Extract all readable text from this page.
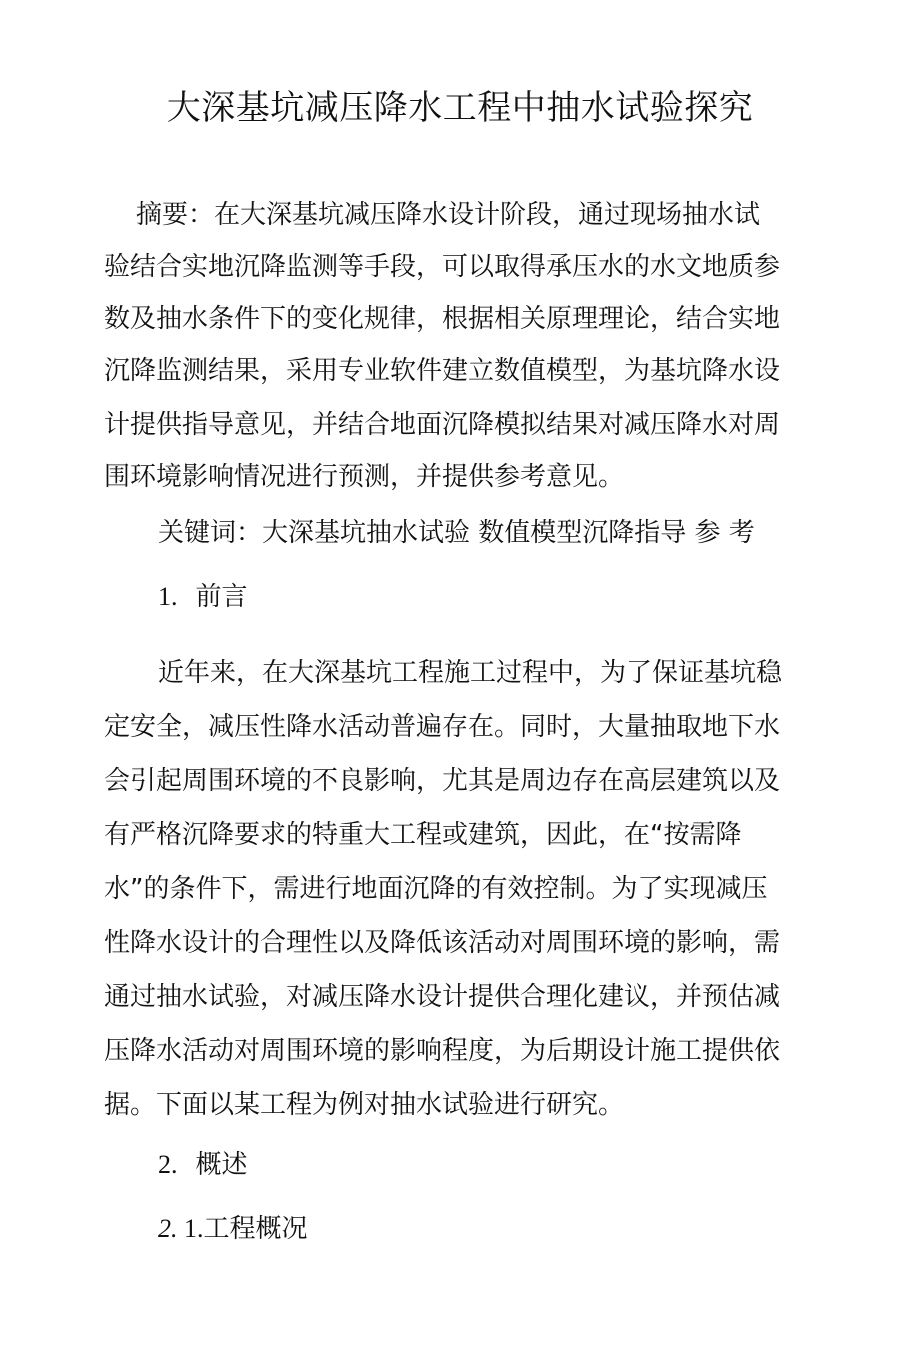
大深基坑减压降水工程中抽水试验探究
摘要：在大深基坑减压降水设计阶段，通过现场抽水试
验结合实地沉降监测等手段，可以取得承压水的水文地质参
数及抽水条件下的变化规律，根据相关原理理论，结合实地
沉降监测结果，采用专业软件建立数值模型，为基坑降水设
计提供指导意见，并结合地面沉降模拟结果对减压降水对周
围环境影响情况进行预测，并提供参考意见。
关键词：大深基坑抽水试验 数值模型沉降指导 参 考
1. 前言
近年来，在大深基坑工程施工过程中，为了保证基坑稳
定安全，减压性降水活动普遍存在。同时，大量抽取地下水
会引起周围环境的不良影响，尤其是周边存在高层建筑以及
有严格沉降要求的特重大工程或建筑，因此，在“按需降
水”的条件下，需进行地面沉降的有效控制。为了实现减压
性降水设计的合理性以及降低该活动对周围环境的影响，需
通过抽水试验，对减压降水设计提供合理化建议，并预估减
压降水活动对周围环境的影响程度，为后期设计施工提供依
据。下面以某工程为例对抽水试验进行研究。
2. 概述
2. 1.工程概况
